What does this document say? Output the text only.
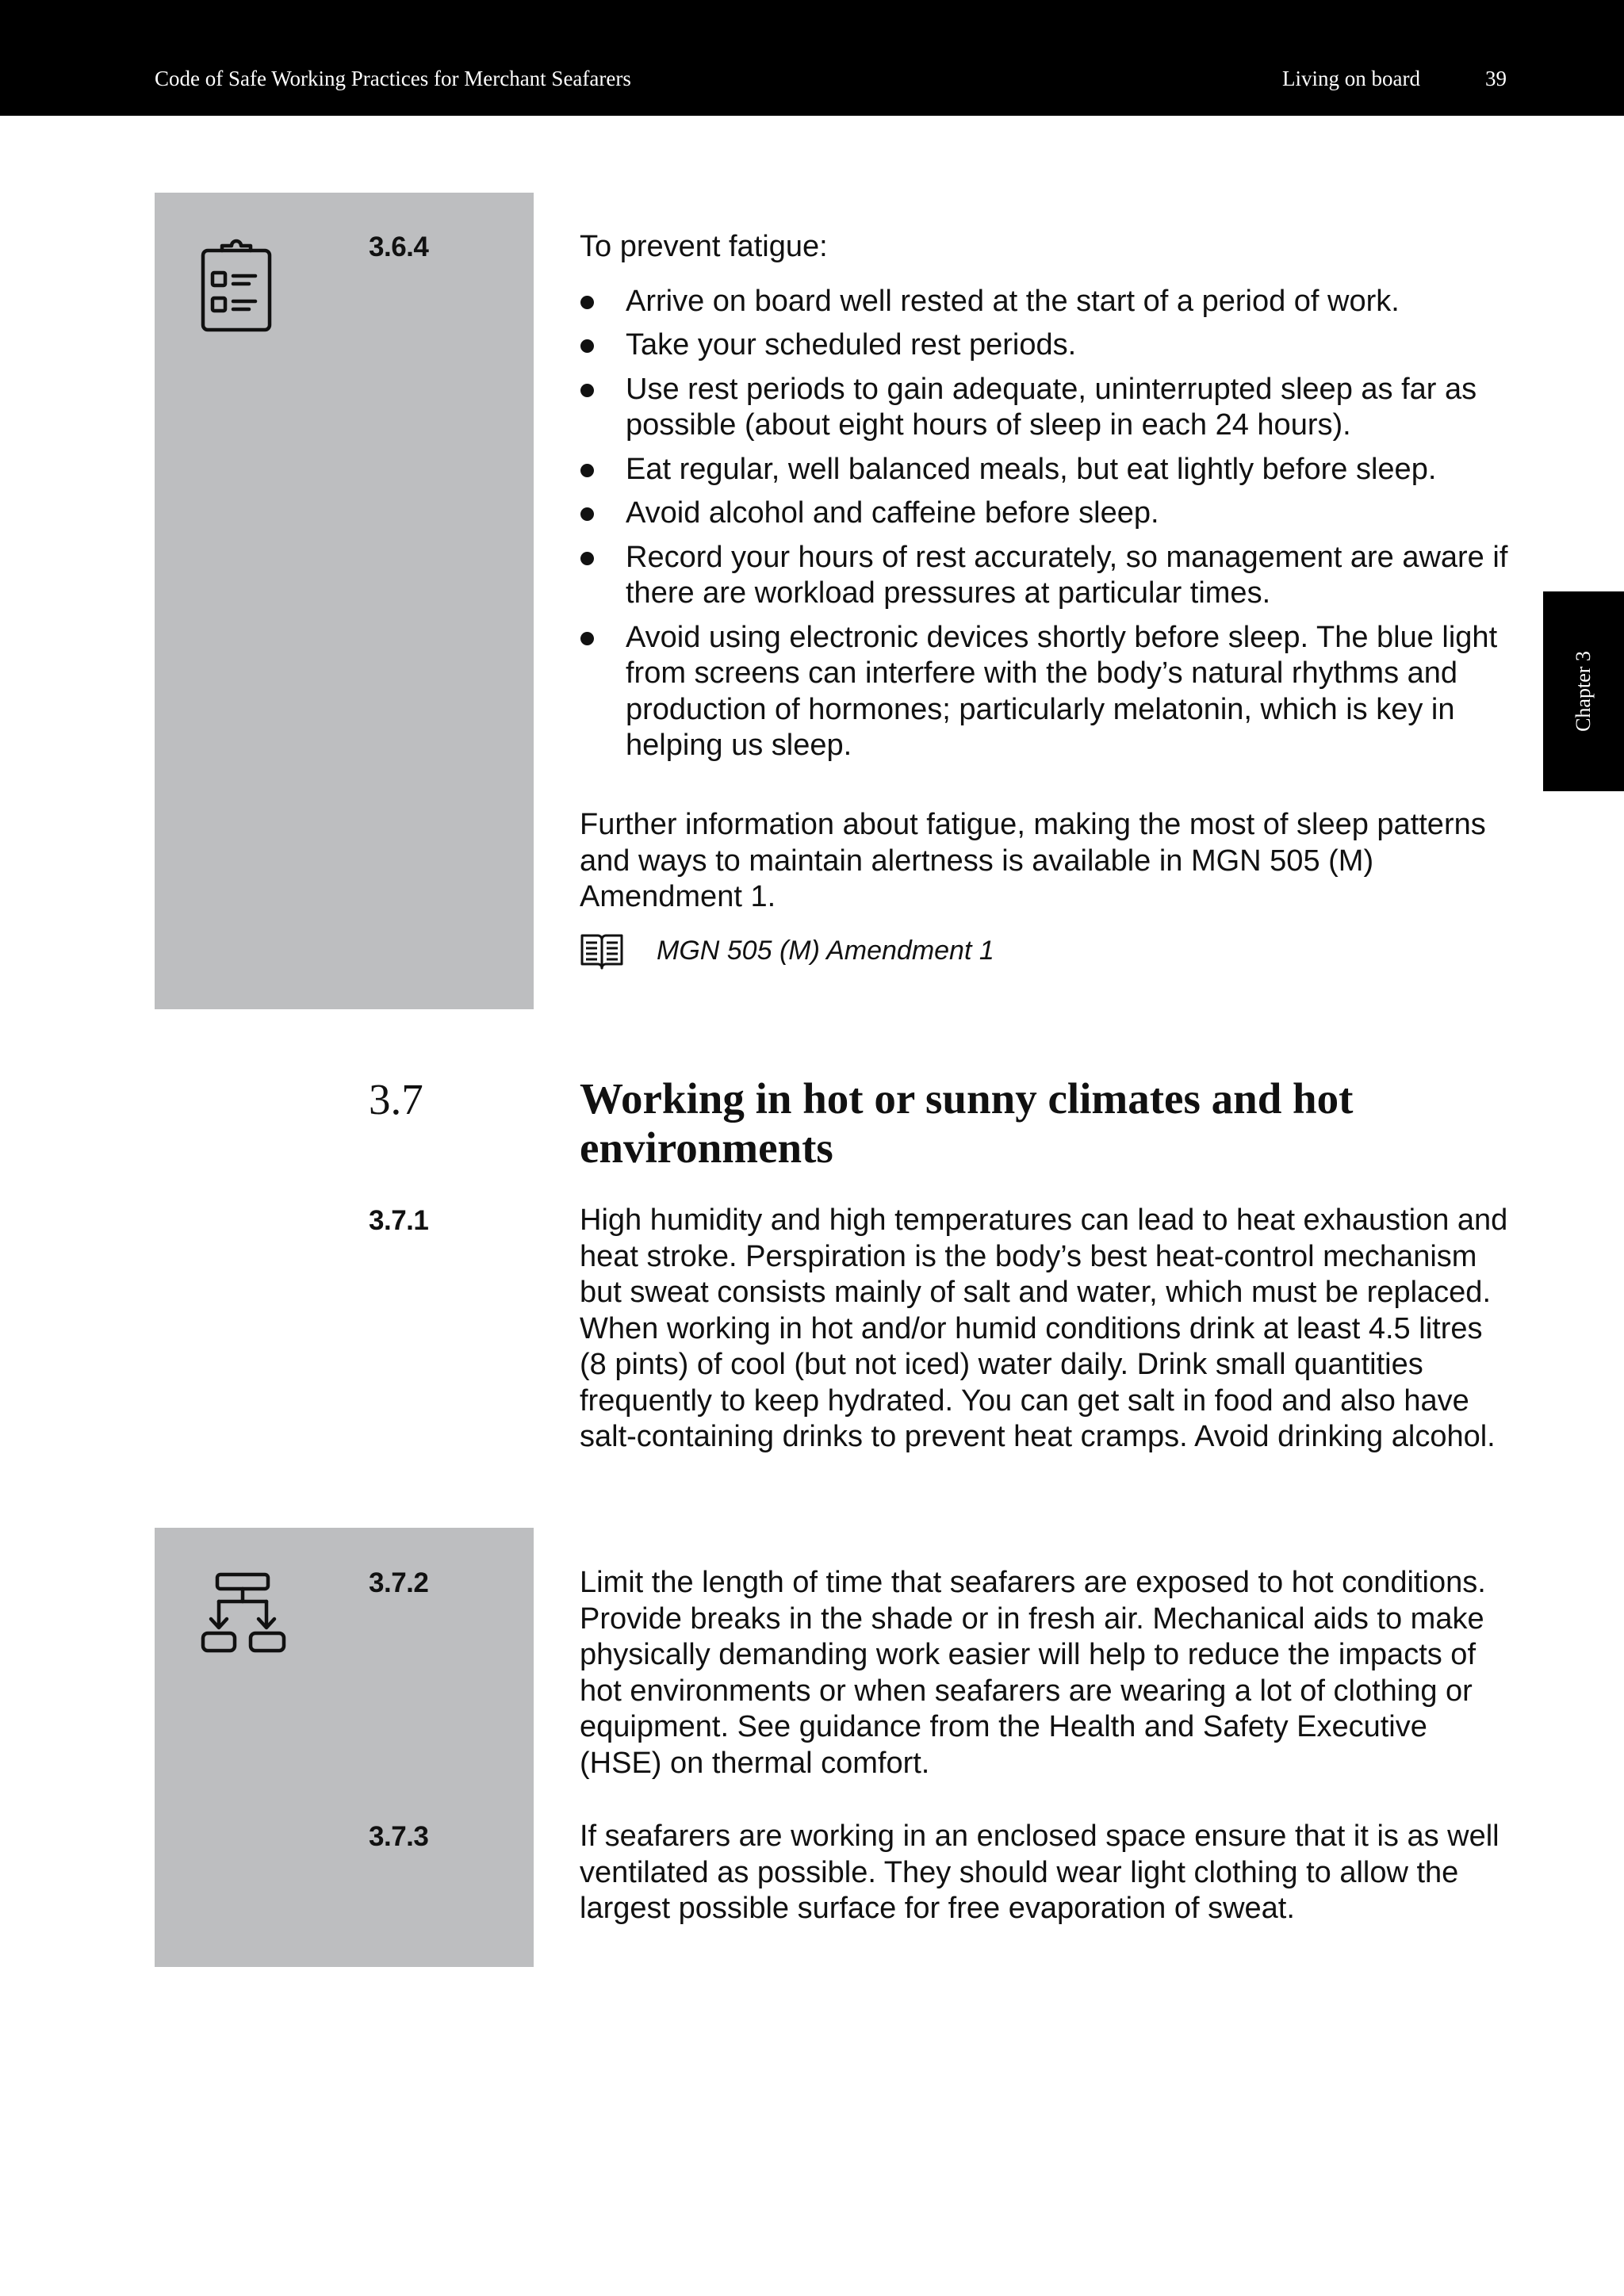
Code of Safe Working Practices for Merchant Seafarers	Living on board	39
Chapter 3
3.6.4	To prevent fatigue:

Arrive on board well rested at the start of a period of work.
Take your scheduled rest periods.
Use rest periods to gain adequate, uninterrupted sleep as far as possible (about eight hours of sleep in each 24 hours).
Eat regular, well balanced meals, but eat lightly before sleep.
Avoid alcohol and caffeine before sleep.
Record your hours of rest accurately, so management are aware if there are workload pressures at particular times.
Avoid using electronic devices shortly before sleep. The blue light from screens can interfere with the body’s natural rhythms and production of hormones; particularly melatonin, which is key in helping us sleep.
Further information about fatigue, making the most of sleep patterns and ways to maintain alertness is available in MGN 505 (M) Amendment 1.
MGN 505 (M) Amendment 1
3.7	Working in hot or sunny climates and hot environments
3.7.1	High humidity and high temperatures can lead to heat exhaustion and heat stroke. Perspiration is the body’s best heat-control mechanism but sweat consists mainly of salt and water, which must be replaced. When working in hot and/or humid conditions drink at least 4.5 litres (8 pints) of cool (but not iced) water daily. Drink small quantities frequently to keep hydrated. You can get salt in food and also have salt-containing drinks to prevent heat cramps. Avoid drinking alcohol.
3.7.2	Limit the length of time that seafarers are exposed to hot conditions. Provide breaks in the shade or in fresh air. Mechanical aids to make physically demanding work easier will help to reduce the impacts of hot environments or when seafarers are wearing a lot of clothing or equipment. See guidance from the Health and Safety Executive (HSE) on thermal comfort.
3.7.3	If seafarers are working in an enclosed space ensure that it is as well ventilated as possible. They should wear light clothing to allow the largest possible surface for free evaporation of sweat.
